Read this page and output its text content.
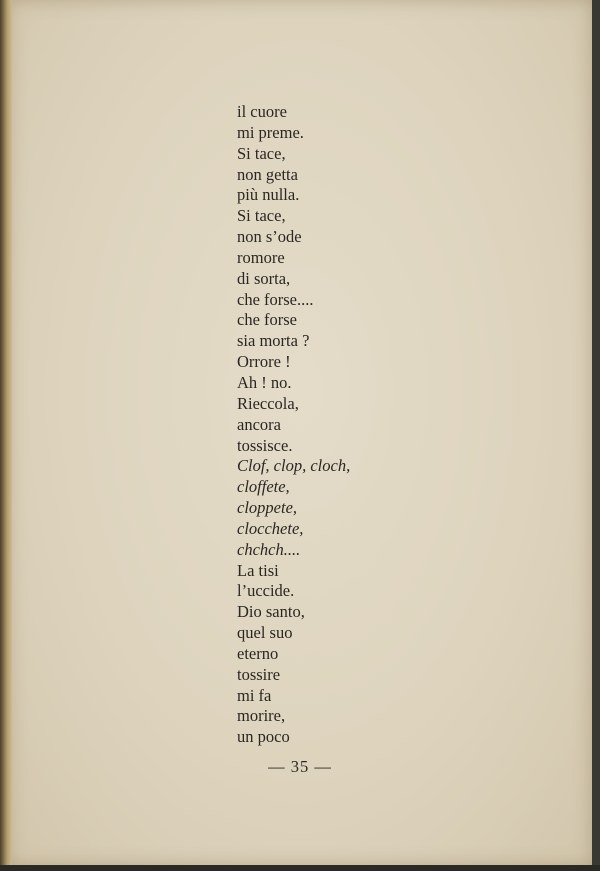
il cuore
mi preme.
Si tace,
non getta
più nulla.
Si tace,
non s’ode
romore
di sorta,
che forse....
che forse
sia morta ?
Orrore !
Ah ! no.
Rieccola,
ancora
tossisce.
Clof, clop, cloch,
cloffete,
cloppete,
clocchete,
chchch....
La tisi
l’uccide.
Dio santo,
quel suo
eterno
tossire
mi fa
morire,
un poco
— 35 —
